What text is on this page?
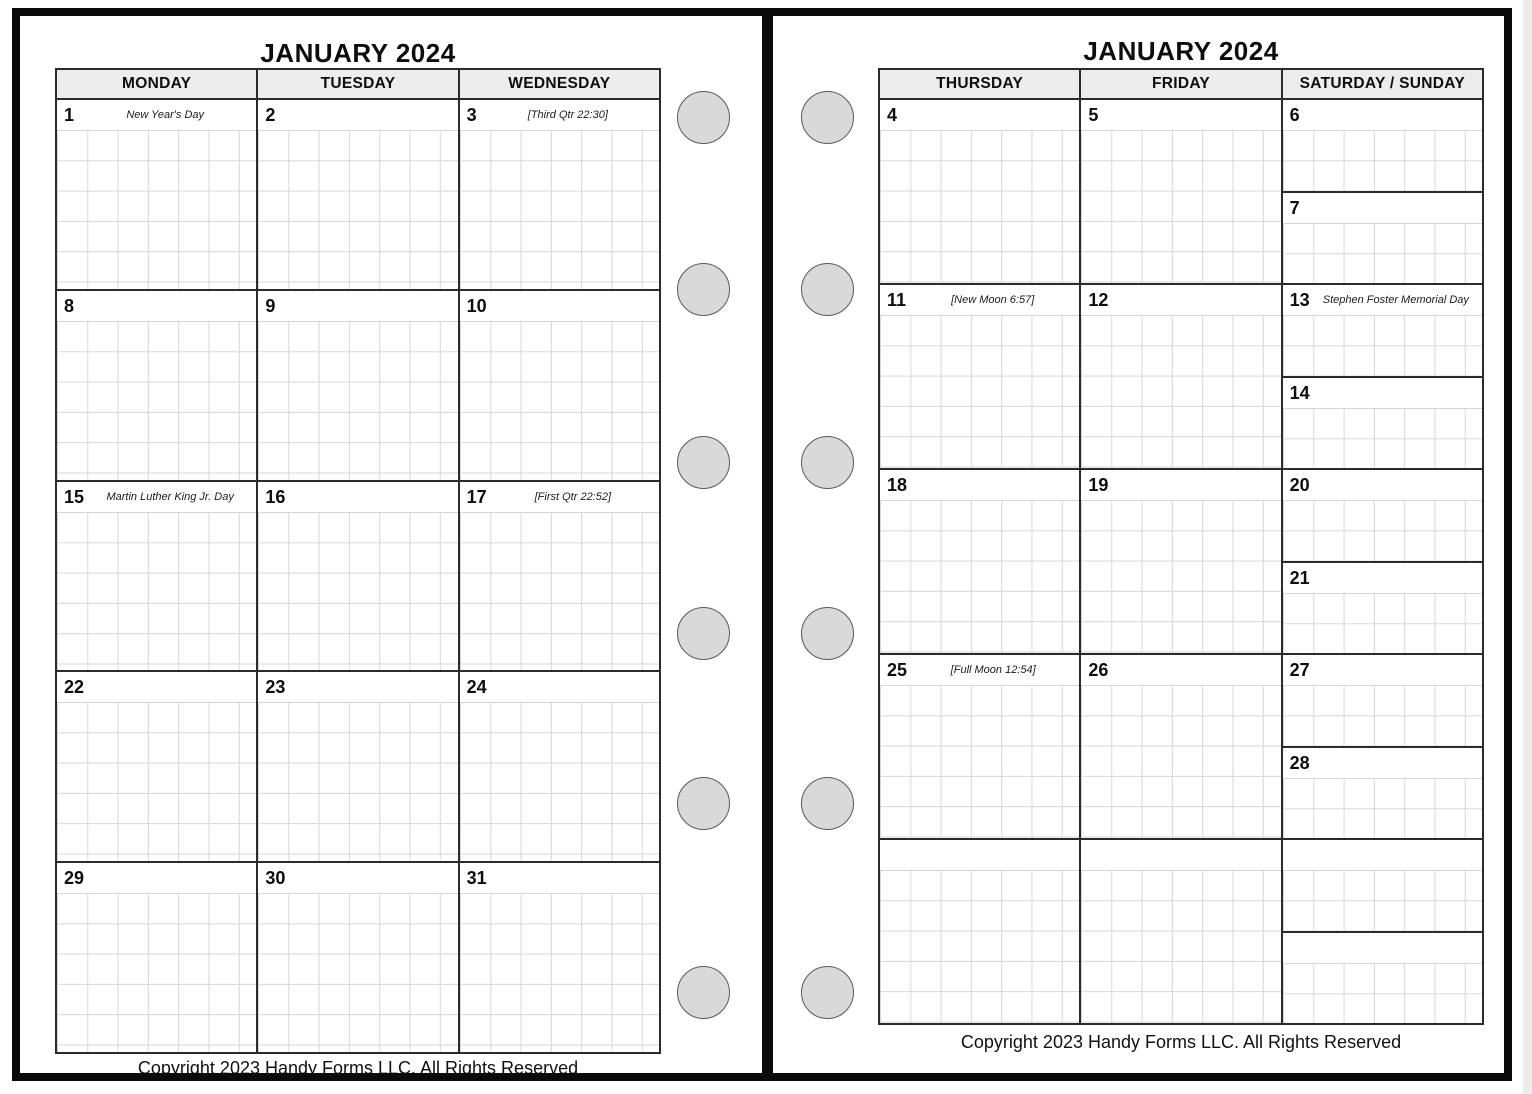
JANUARY 2024	JANUARY 2024
MONDAY	TUESDAY	WEDNESDAY
1	New Year's Day	2	3	[Third Qtr 22:30]
8	9	10
15	Martin Luther King Jr. Day	16	17	[First Qtr 22:52]
22	23	24
29	30	31
THURSDAY	FRIDAY	SATURDAY / SUNDAY
4	5	6
7
11	[New Moon 6:57]	12	13	Stephen Foster Memorial Day
14
18	19	20
21
25	[Full Moon 12:54]	26	27
28
Copyright 2023 Handy Forms LLC. All Rights Reserved
Copyright 2023 Handy Forms LLC. All Rights Reserved
